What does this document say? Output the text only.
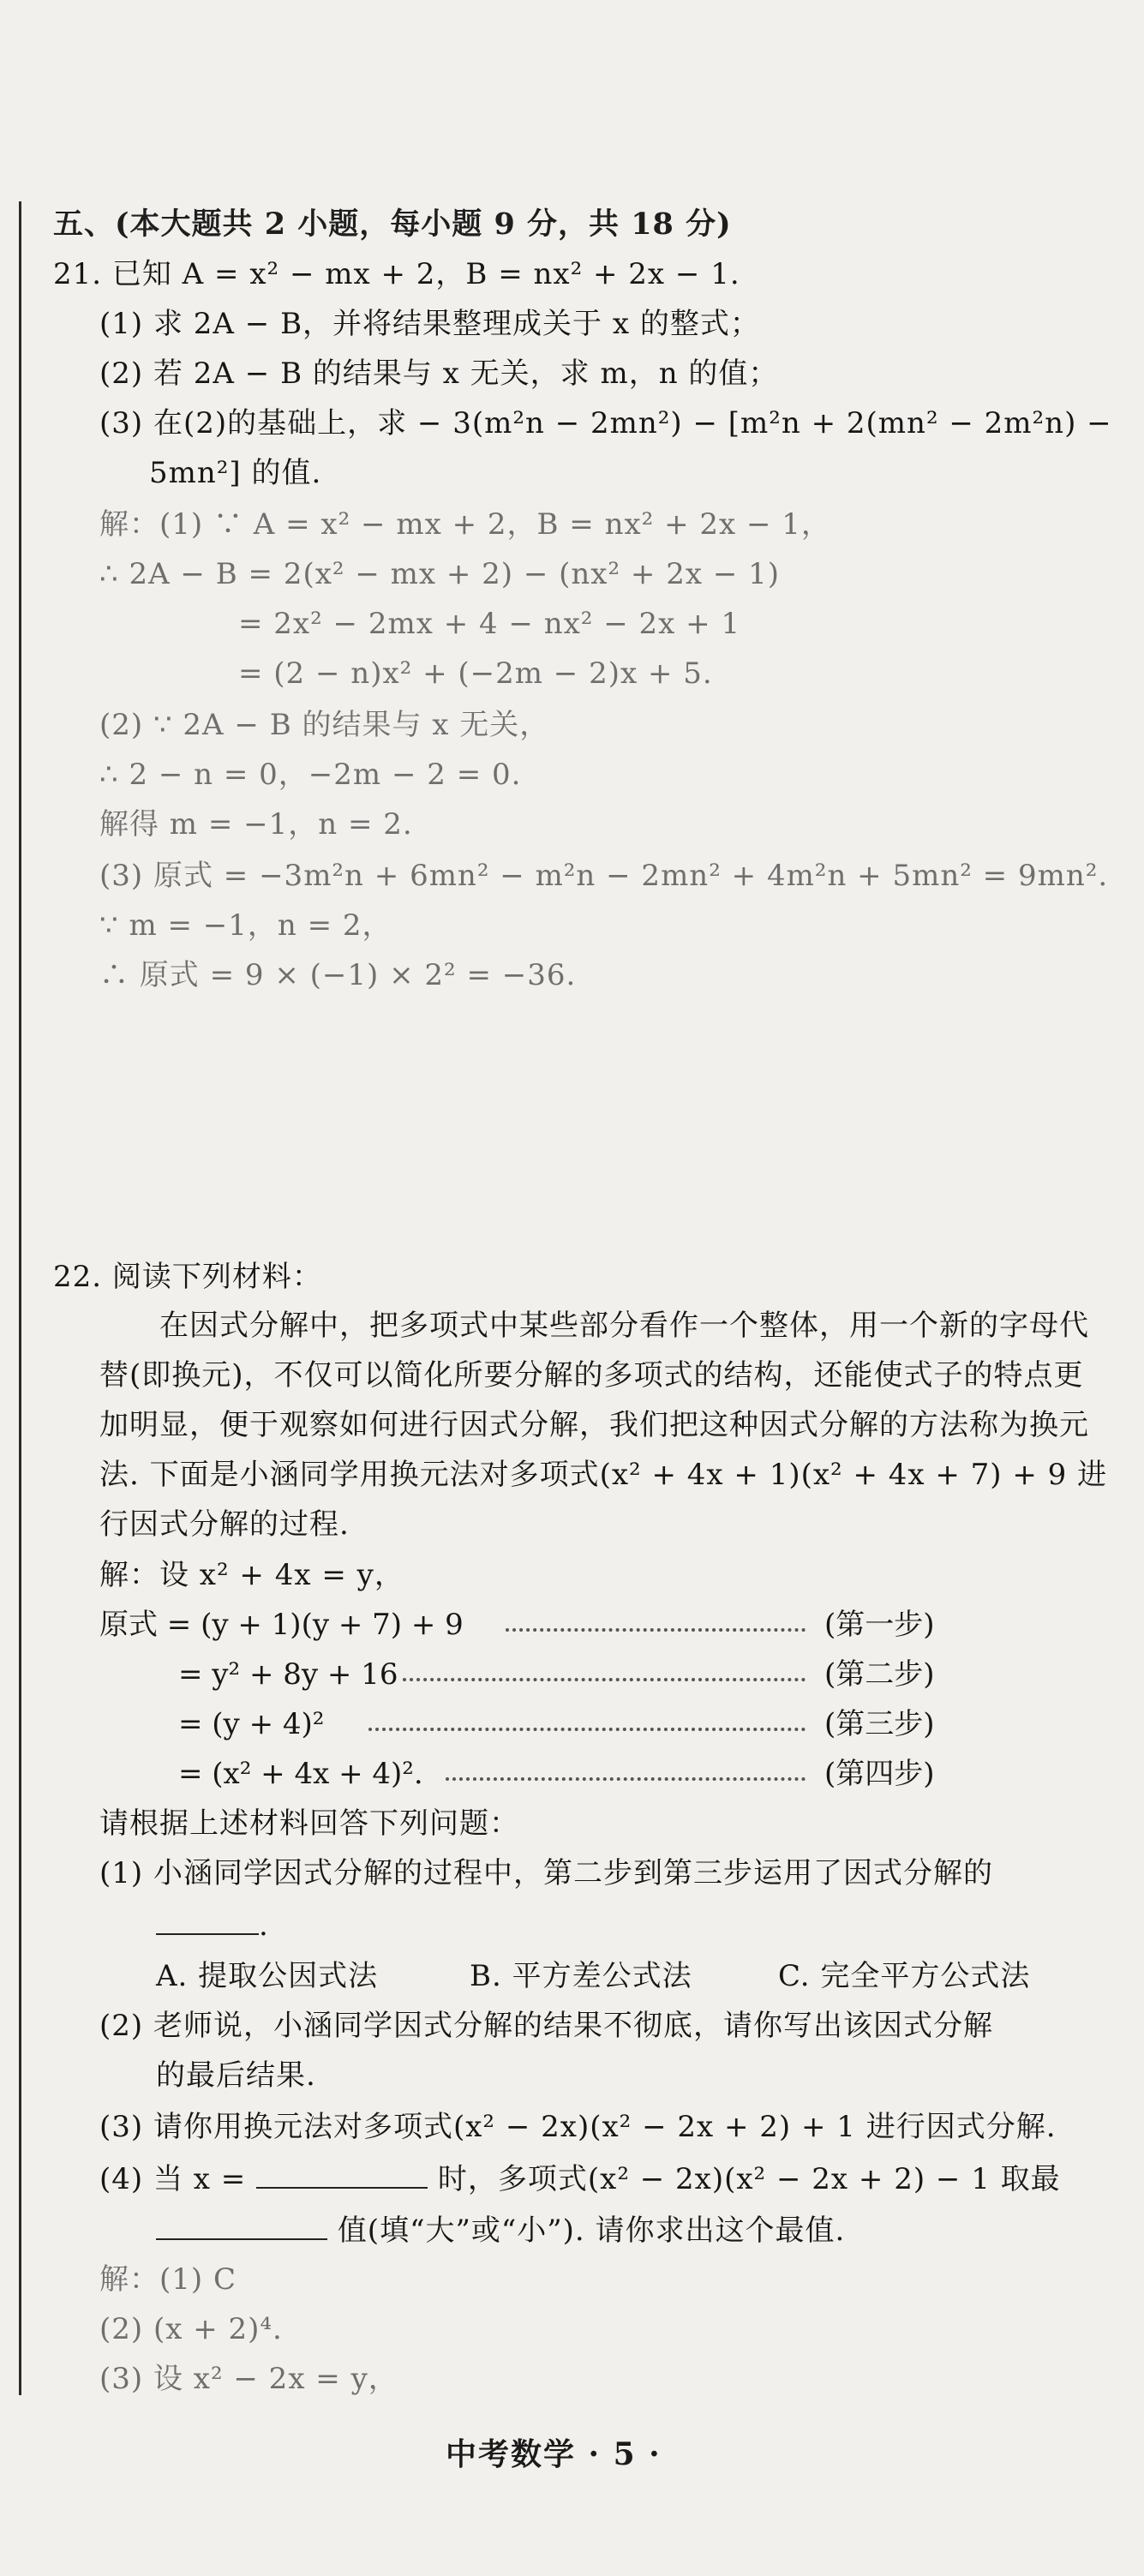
五、(本大题共 2 小题，每小题 9 分，共 18 分)
21. 已知 A = x² − mx + 2，B = nx² + 2x − 1.
(1) 求 2A − B，并将结果整理成关于 x 的整式；
(2) 若 2A − B 的结果与 x 无关，求 m，n 的值；
(3) 在(2)的基础上，求 − 3(m²n − 2mn²) − [m²n + 2(mn² − 2m²n) −
5mn²] 的值.
解：(1) ∵ A = x² − mx + 2，B = nx² + 2x − 1，
∴ 2A − B = 2(x² − mx + 2) − (nx² + 2x − 1)
= 2x² − 2mx + 4 − nx² − 2x + 1
= (2 − n)x² + (−2m − 2)x + 5.
(2) ∵ 2A − B 的结果与 x 无关，
∴ 2 − n = 0，−2m − 2 = 0.
解得 m = −1，n = 2.
(3) 原式 = −3m²n + 6mn² − m²n − 2mn² + 4m²n + 5mn² = 9mn².
∵ m = −1，n = 2，
∴ 原式 = 9 × (−1) × 2² = −36.
22. 阅读下列材料：
在因式分解中，把多项式中某些部分看作一个整体，用一个新的字母代替(即换元)，不仅可以简化所要分解的多项式的结构，还能使式子的特点更加明显，便于观察如何进行因式分解，我们把这种因式分解的方法称为换元法. 下面是小涵同学用换元法对多项式(x² + 4x + 1)(x² + 4x + 7) + 9 进行因式分解的过程.
解：设 x² + 4x = y，
原式 = (y + 1)(y + 7) + 9	(第一步)
= y² + 8y + 16	(第二步)
= (y + 4)²	(第三步)
= (x² + 4x + 4)².	(第四步)
请根据上述材料回答下列问题：
(1) 小涵同学因式分解的过程中，第二步到第三步运用了因式分解的
.
A. 提取公因式法	B. 平方差公式法	C. 完全平方公式法
(2) 老师说，小涵同学因式分解的结果不彻底，请你写出该因式分解
的最后结果.
(3) 请你用换元法对多项式(x² − 2x)(x² − 2x + 2) + 1 进行因式分解.
(4) 当 x =	时，多项式(x² − 2x)(x² − 2x + 2) − 1 取最
值(填“大”或“小”). 请你求出这个最值.
解：(1) C
(2) (x + 2)⁴.
(3) 设 x² − 2x = y，
中考数学 · 5 ·
